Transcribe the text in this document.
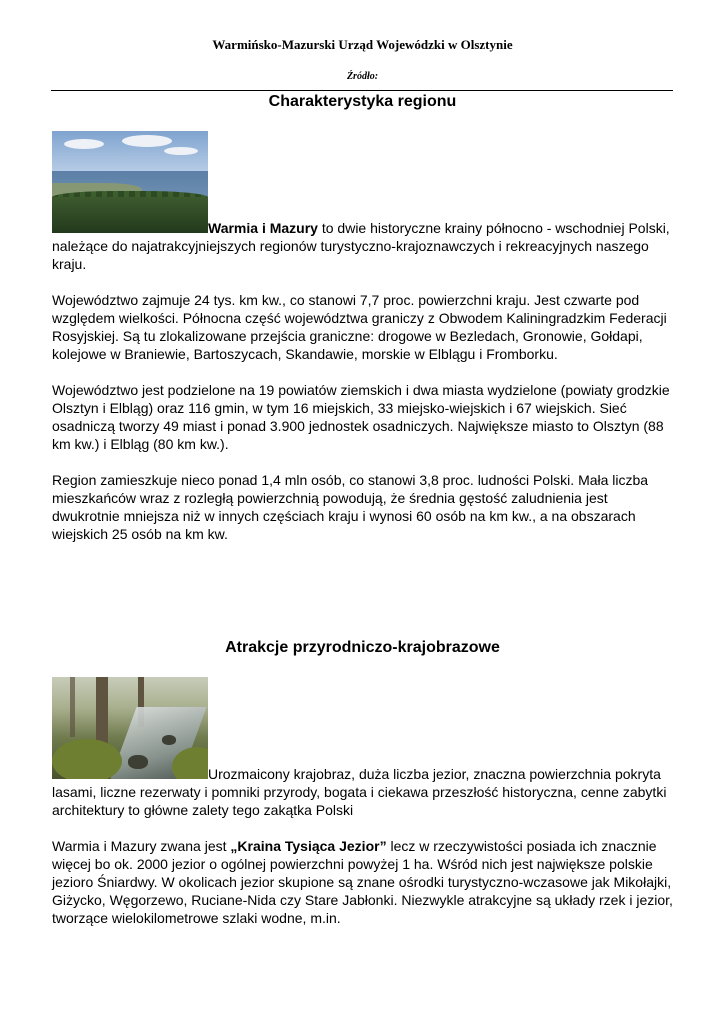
Warmińsko-Mazurski Urząd Wojewódzki w Olsztynie
Źródło:
Charakterystyka regionu

Warmia i Mazury to dwie historyczne krainy północno - wschodniej Polski, należące do najatrakcyjniejszych regionów turystyczno-krajoznawczych i rekreacyjnych naszego kraju.

Województwo zajmuje 24 tys. km kw., co stanowi 7,7 proc. powierzchni kraju. Jest czwarte pod względem wielkości. Północna część województwa graniczy z Obwodem Kaliningradzkim Federacji Rosyjskiej. Są tu zlokalizowane przejścia graniczne: drogowe w Bezledach, Gronowie, Gołdapi, kolejowe w Braniewie, Bartoszycach, Skandawie, morskie w Elblągu i Fromborku.

Województwo jest podzielone na 19 powiatów ziemskich i dwa miasta wydzielone (powiaty grodzkie Olsztyn i Elbląg) oraz 116 gmin, w tym 16 miejskich, 33 miejsko-wiejskich i 67 wiejskich. Sieć osadniczą tworzy 49 miast i ponad 3.900 jednostek osadniczych. Największe miasto to Olsztyn (88 km kw.) i Elbląg (80 km kw.).

Region zamieszkuje nieco ponad 1,4 mln osób, co stanowi 3,8 proc. ludności Polski. Mała liczba mieszkańców wraz z rozległą powierzchnią powodują, że średnia gęstość zaludnienia jest dwukrotnie mniejsza niż w innych częściach kraju i wynosi 60 osób na km kw., a na obszarach wiejskich 25 osób na km kw.

Atrakcje przyrodniczo-krajobrazowe

Urozmaicony krajobraz, duża liczba jezior, znaczna powierzchnia pokryta lasami, liczne rezerwaty i pomniki przyrody, bogata i ciekawa przeszłość historyczna, cenne zabytki architektury to główne zalety tego zakątka Polski

Warmia i Mazury zwana jest „Kraina Tysiąca Jezior” lecz w rzeczywistości posiada ich znacznie więcej bo ok. 2000 jezior o ogólnej powierzchni powyżej 1 ha. Wśród nich jest największe polskie jezioro Śniardwy. W okolicach jezior skupione są znane ośrodki turystyczno-wczasowe jak Mikołajki, Giżycko, Węgorzewo, Ruciane-Nida czy Stare Jabłonki. Niezwykle atrakcyjne są układy rzek i jezior, tworzące wielokilometrowe szlaki wodne, m.in.
